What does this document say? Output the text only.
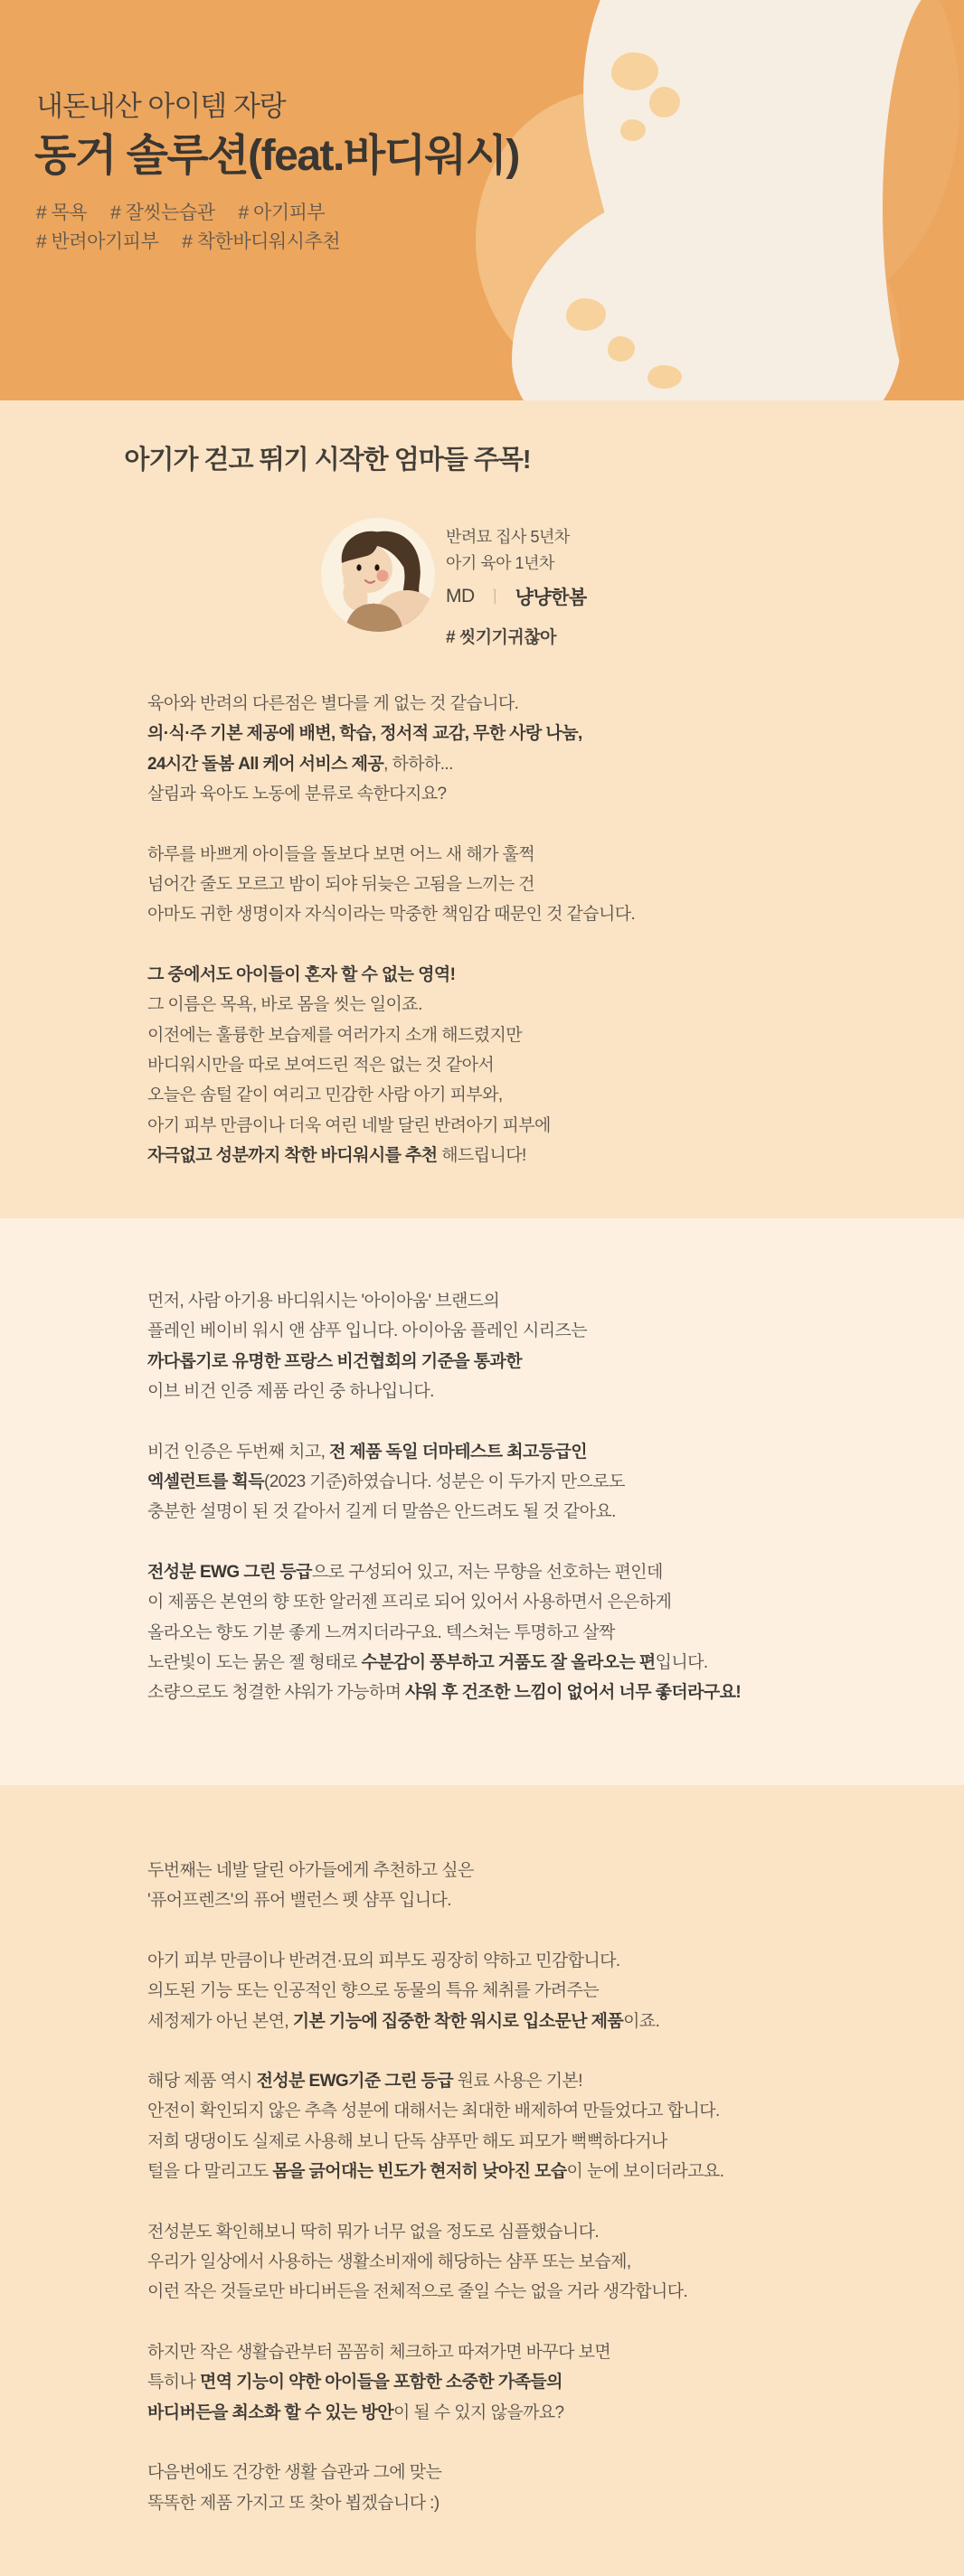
내돈내산 아이템 자랑
동거 솔루션(feat.바디워시)
# 목욕 # 잘씻는습관 # 아기피부
# 반려아기피부 # 착한바디워시추천
아기가 걷고 뛰기 시작한 엄마들 주목!
반려묘 집사 5년차
아기 육아 1년차
MD ㅣ 냥냥한봄
# 씻기기귀찮아
육아와 반려의 다른점은 별다를 게 없는 것 같습니다.
의·식·주 기본 제공에 배변, 학습, 정서적 교감, 무한 사랑 나눔,
24시간 돌봄 All 케어 서비스 제공, 하하하...
살림과 육아도 노동에 분류로 속한다지요?
하루를 바쁘게 아이들을 돌보다 보면 어느 새 해가 훌쩍
넘어간 줄도 모르고 밤이 되야 뒤늦은 고됨을 느끼는 건
아마도 귀한 생명이자 자식이라는 막중한 책임감 때문인 것 같습니다.
그 중에서도 아이들이 혼자 할 수 없는 영역!
그 이름은 목욕, 바로 몸을 씻는 일이죠.
이전에는 훌륭한 보습제를 여러가지 소개 해드렸지만
바디워시만을 따로 보여드린 적은 없는 것 같아서
오늘은 솜털 같이 여리고 민감한 사람 아기 피부와,
아기 피부 만큼이나 더욱 여린 네발 달린 반려아기 피부에
자극없고 성분까지 착한 바디워시를 추천 해드립니다!
먼저, 사람 아기용 바디워시는 '아이아움' 브랜드의
플레인 베이비 워시 앤 샴푸 입니다. 아이아움 플레인 시리즈는
까다롭기로 유명한 프랑스 비건협회의 기준을 통과한
이브 비건 인증 제품 라인 중 하나입니다.
비건 인증은 두번째 치고, 전 제품 독일 더마테스트 최고등급인
엑셀런트를 획득(2023 기준)하였습니다. 성분은 이 두가지 만으로도
충분한 설명이 된 것 같아서 길게 더 말씀은 안드려도 될 것 같아요.
전성분 EWG 그린 등급으로 구성되어 있고, 저는 무향을 선호하는 편인데
이 제품은 본연의 향 또한 알러젠 프리로 되어 있어서 사용하면서 은은하게
올라오는 향도 기분 좋게 느껴지더라구요. 텍스쳐는 투명하고 살짝
노란빛이 도는 묽은 젤 형태로 수분감이 풍부하고 거품도 잘 올라오는 편입니다.
소량으로도 청결한 샤워가 가능하며 샤워 후 건조한 느낌이 없어서 너무 좋더라구요!
두번째는 네발 달린 아가들에게 추천하고 싶은
'퓨어프렌즈'의 퓨어 밸런스 펫 샴푸 입니다.
아기 피부 만큼이나 반려견·묘의 피부도 굉장히 약하고 민감합니다.
의도된 기능 또는 인공적인 향으로 동물의 특유 체취를 가려주는
세정제가 아닌 본연, 기본 기능에 집중한 착한 워시로 입소문난 제품이죠.
해당 제품 역시 전성분 EWG기준 그린 등급 원료 사용은 기본!
안전이 확인되지 않은 추측 성분에 대해서는 최대한 배제하여 만들었다고 합니다.
저희 댕댕이도 실제로 사용해 보니 단독 샴푸만 해도 피모가 뻑뻑하다거나
털을 다 말리고도 몸을 긁어대는 빈도가 현저히 낮아진 모습이 눈에 보이더라고요.
전성분도 확인해보니 딱히 뭐가 너무 없을 정도로 심플했습니다.
우리가 일상에서 사용하는 생활소비재에 해당하는 샴푸 또는 보습제,
이런 작은 것들로만 바디버든을 전체적으로 줄일 수는 없을 거라 생각합니다.
하지만 작은 생활습관부터 꼼꼼히 체크하고 따져가면 바꾸다 보면
특히나 면역 기능이 약한 아이들을 포함한 소중한 가족들의
바디버든을 최소화 할 수 있는 방안이 될 수 있지 않을까요?
다음번에도 건강한 생활 습관과 그에 맞는
똑똑한 제품 가지고 또 찾아 뵙겠습니다 :)
